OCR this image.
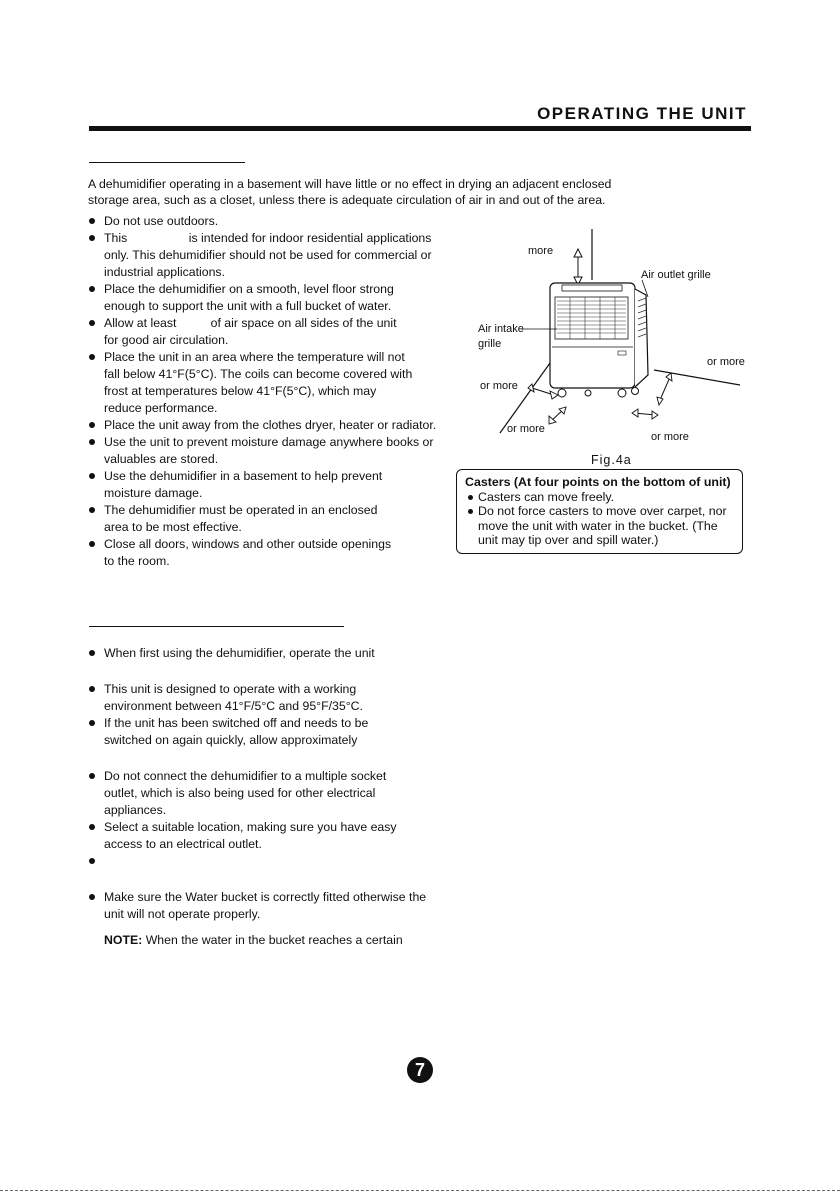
OPERATING THE UNIT

A dehumidifier operating in a basement will have little or no effect in drying an adjacent enclosed storage area, such as a closet, unless there is adequate circulation of air in and out of the area.

Do not use outdoors.
This                  is intended for indoor residential applications only. This dehumidifier should not be used for commercial or industrial applications.
Place the dehumidifier on a smooth, level floor strong enough to support the unit with a full bucket of water.
Allow at least          of air space on all sides of the unit for good air circulation.
Place the unit in an area where the temperature will not fall below 41°F(5°C). The coils can become covered with frost at temperatures below 41°F(5°C), which may reduce performance.
Place the unit away from the clothes dryer, heater or radiator.
Use the unit to prevent moisture damage anywhere books or valuables are stored.
Use the dehumidifier in a basement to help prevent moisture damage.
The dehumidifier must be operated in an enclosed area to be most effective.
Close all doors, windows and other outside openings to the room.
more
Air outlet grille
Air intake
grille
or more
or more
or more
or more
Fig.4a
Casters (At four points on the bottom of unit)
Casters can move freely.
Do not force casters to move over carpet, nor move the unit with water in the bucket. (The unit may tip over and spill water.)
When first using the dehumidifier, operate the unit
This unit is designed to operate with a working environment between 41°F/5°C and 95°F/35°C.
If the unit has been switched off and needs to be switched on again quickly, allow approximately
Do not connect the dehumidifier to a multiple socket outlet, which is also being used for other electrical appliances.
Select a suitable location, making sure you have easy access to an electrical outlet.
Make sure the Water bucket is correctly fitted otherwise the unit will not operate properly.
NOTE: When the water in the bucket reaches a certain
7
